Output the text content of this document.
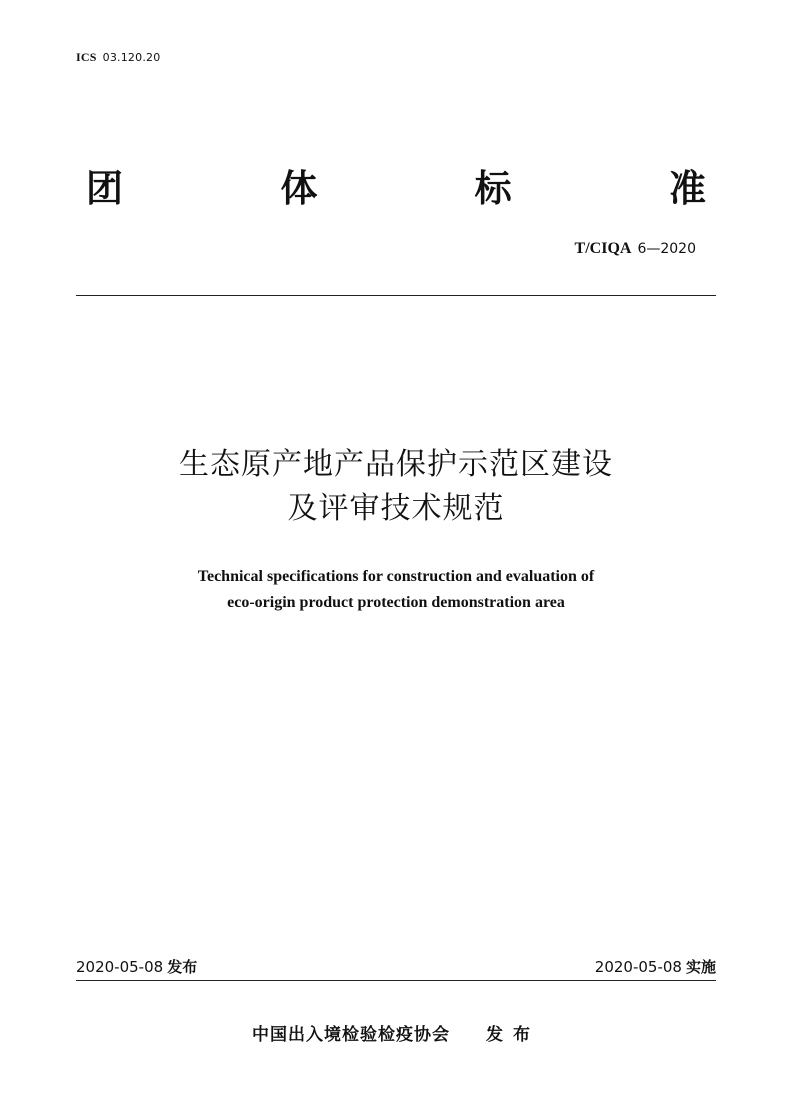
ICS 03.120.20
团	体	标	准
T/CIQA 6—2020
生态原产地产品保护示范区建设
及评审技术规范
Technical specifications for construction and evaluation of
eco-origin product protection demonstration area
2020-05-08 发布	2020-05-08 实施
中国出入境检验检疫协会 发布
